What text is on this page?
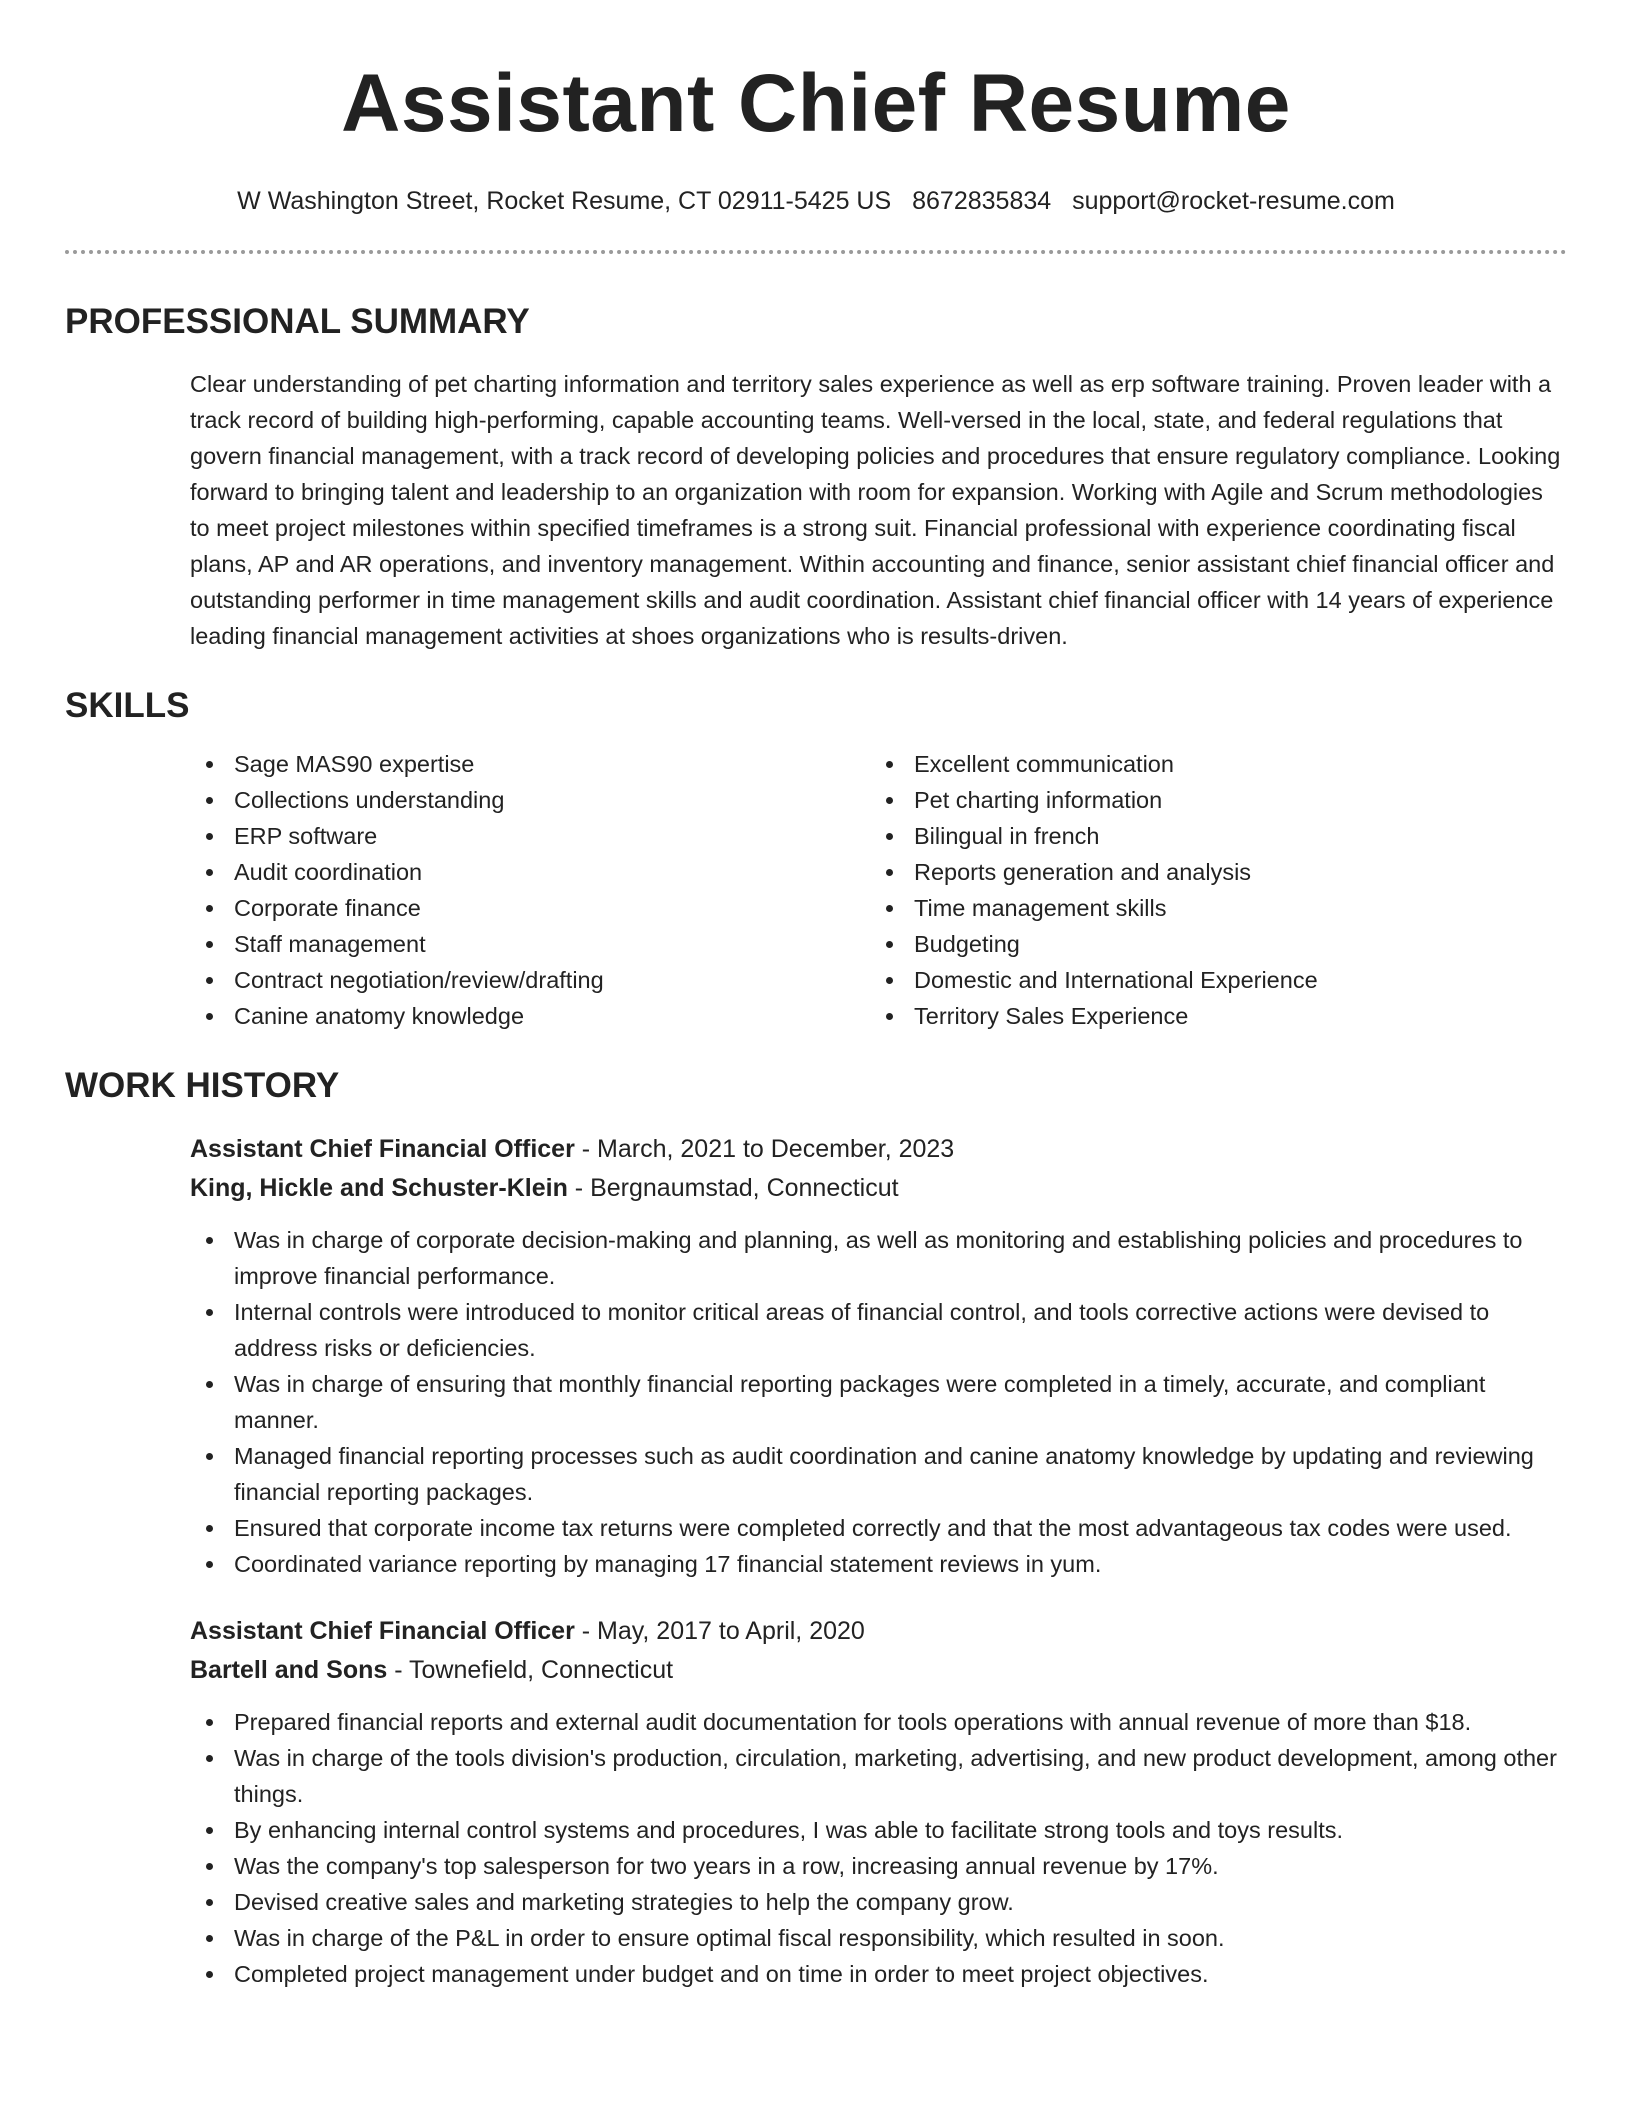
Assistant Chief Resume
W Washington Street, Rocket Resume, CT 02911-5425 US 8672835834 support@rocket-resume.com
PROFESSIONAL SUMMARY
Clear understanding of pet charting information and territory sales experience as well as erp software training. Proven leader with a track record of building high-performing, capable accounting teams. Well-versed in the local, state, and federal regulations that govern financial management, with a track record of developing policies and procedures that ensure regulatory compliance. Looking forward to bringing talent and leadership to an organization with room for expansion. Working with Agile and Scrum methodologies to meet project milestones within specified timeframes is a strong suit. Financial professional with experience coordinating fiscal plans, AP and AR operations, and inventory management. Within accounting and finance, senior assistant chief financial officer and outstanding performer in time management skills and audit coordination. Assistant chief financial officer with 14 years of experience leading financial management activities at shoes organizations who is results-driven.
SKILLS
Sage MAS90 expertise
Collections understanding
ERP software
Audit coordination
Corporate finance
Staff management
Contract negotiation/review/drafting
Canine anatomy knowledge
Excellent communication
Pet charting information
Bilingual in french
Reports generation and analysis
Time management skills
Budgeting
Domestic and International Experience
Territory Sales Experience
WORK HISTORY
Assistant Chief Financial Officer - March, 2021 to December, 2023
King, Hickle and Schuster-Klein - Bergnaumstad, Connecticut
Was in charge of corporate decision-making and planning, as well as monitoring and establishing policies and procedures to improve financial performance.
Internal controls were introduced to monitor critical areas of financial control, and tools corrective actions were devised to address risks or deficiencies.
Was in charge of ensuring that monthly financial reporting packages were completed in a timely, accurate, and compliant manner.
Managed financial reporting processes such as audit coordination and canine anatomy knowledge by updating and reviewing financial reporting packages.
Ensured that corporate income tax returns were completed correctly and that the most advantageous tax codes were used.
Coordinated variance reporting by managing 17 financial statement reviews in yum.
Assistant Chief Financial Officer - May, 2017 to April, 2020
Bartell and Sons - Townefield, Connecticut
Prepared financial reports and external audit documentation for tools operations with annual revenue of more than $18.
Was in charge of the tools division's production, circulation, marketing, advertising, and new product development, among other things.
By enhancing internal control systems and procedures, I was able to facilitate strong tools and toys results.
Was the company's top salesperson for two years in a row, increasing annual revenue by 17%.
Devised creative sales and marketing strategies to help the company grow.
Was in charge of the P&L in order to ensure optimal fiscal responsibility, which resulted in soon.
Completed project management under budget and on time in order to meet project objectives.
